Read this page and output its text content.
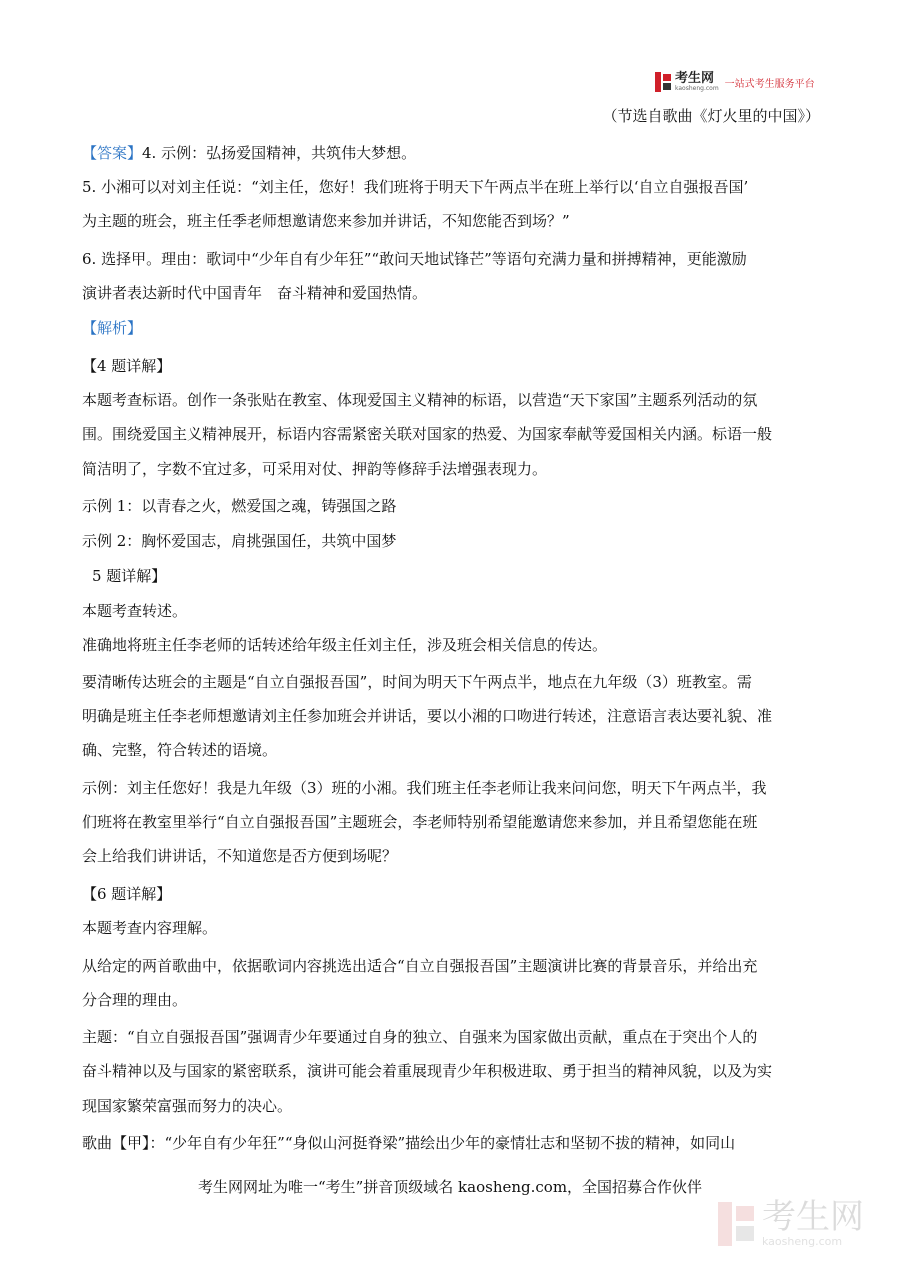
考生网
kaosheng.com 一站式考生服务平台
（节选自歌曲《灯火里的中国》）
【答案】4. 示例：弘扬爱国精神，共筑伟大梦想。
5. 小湘可以对刘主任说：“刘主任，您好！我们班将于明天下午两点半在班上举行以‘自立自强报吾国’
为主题的班会，班主任季老师想邀请您来参加并讲话，不知您能否到场？”
6. 选择甲。理由：歌词中“少年自有少年狂”“敢问天地试锋芒”等语句充满力量和拼搏精神，更能激励
演讲者表达新时代中国青年　奋斗精神和爱国热情。
【解析】
【4 题详解】
本题考查标语。创作一条张贴在教室、体现爱国主义精神的标语，以营造“天下家国”主题系列活动的氛
围。围绕爱国主义精神展开，标语内容需紧密关联对国家的热爱、为国家奉献等爱国相关内涵。标语一般
简洁明了，字数不宜过多，可采用对仗、押韵等修辞手法增强表现力。
示例 1：以青春之火，燃爱国之魂，铸强国之路
示例 2：胸怀爱国志，肩挑强国任，共筑中国梦
5 题详解】
本题考查转述。
准确地将班主任李老师的话转述给年级主任刘主任，涉及班会相关信息的传达。
要清晰传达班会的主题是“自立自强报吾国”，时间为明天下午两点半，地点在九年级（3）班教室。需
明确是班主任李老师想邀请刘主任参加班会并讲话，要以小湘的口吻进行转述，注意语言表达要礼貌、准
确、完整，符合转述的语境。
示例：刘主任您好！我是九年级（3）班的小湘。我们班主任李老师让我来问问您，明天下午两点半，我
们班将在教室里举行“自立自强报吾国”主题班会，李老师特别希望能邀请您来参加，并且希望您能在班
会上给我们讲讲话，不知道您是否方便到场呢？
【6 题详解】
本题考查内容理解。
从给定的两首歌曲中，依据歌词内容挑选出适合“自立自强报吾国”主题演讲比赛的背景音乐，并给出充
分合理的理由。
主题：“自立自强报吾国”强调青少年要通过自身的独立、自强来为国家做出贡献，重点在于突出个人的
奋斗精神以及与国家的紧密联系，演讲可能会着重展现青少年积极进取、勇于担当的精神风貌，以及为实
现国家繁荣富强而努力的决心。
歌曲【甲】：“少年自有少年狂”“身似山河挺脊梁”描绘出少年的豪情壮志和坚韧不拔的精神，如同山
考生网网址为唯一“考生”拼音顶级域名 kaosheng.com，全国招募合作伙伴
考生网
kaosheng.com
